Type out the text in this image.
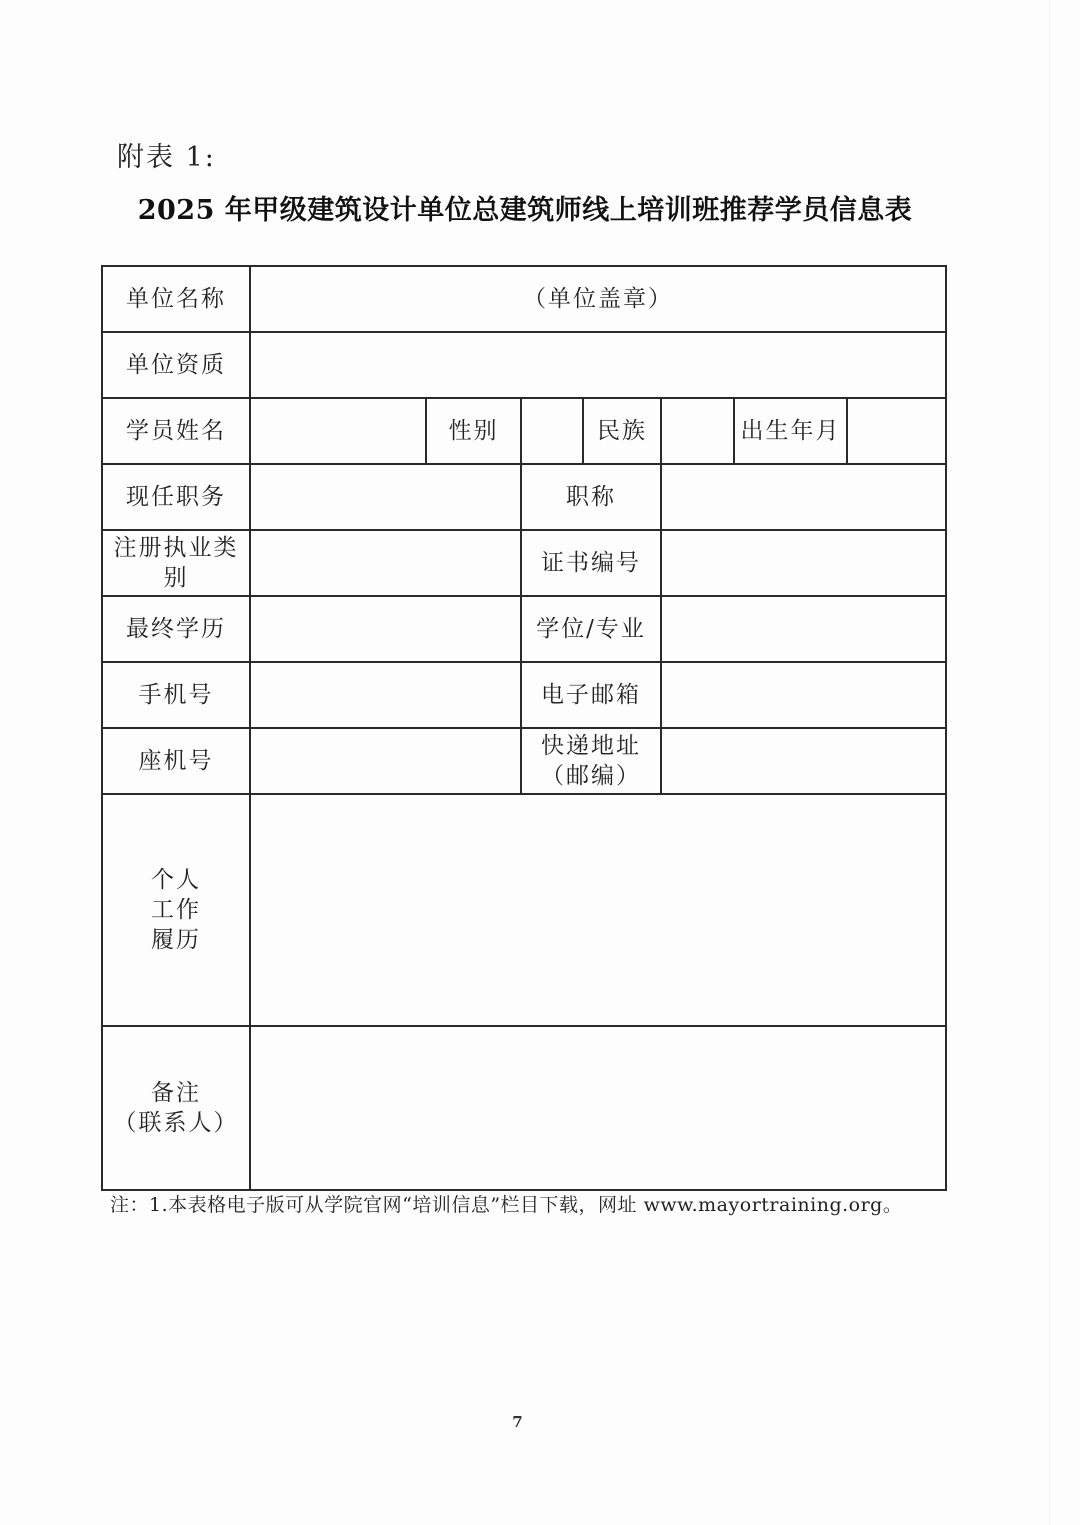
附表 1:
2025 年甲级建筑设计单位总建筑师线上培训班推荐学员信息表
单位名称	（单位盖章）						
单位资质							
学员姓名		性别		民族		出生年月	
现任职务			职称				
注册执业类别			证书编号				
最终学历			学位/专业				
手机号			电子邮箱				
座机号			快递地址
（邮编）				

个人
工作
履历							

备注
（联系人）							

注：1.本表格电子版可从学院官网“培训信息”栏目下载，网址 www.mayortraining.org。
7
